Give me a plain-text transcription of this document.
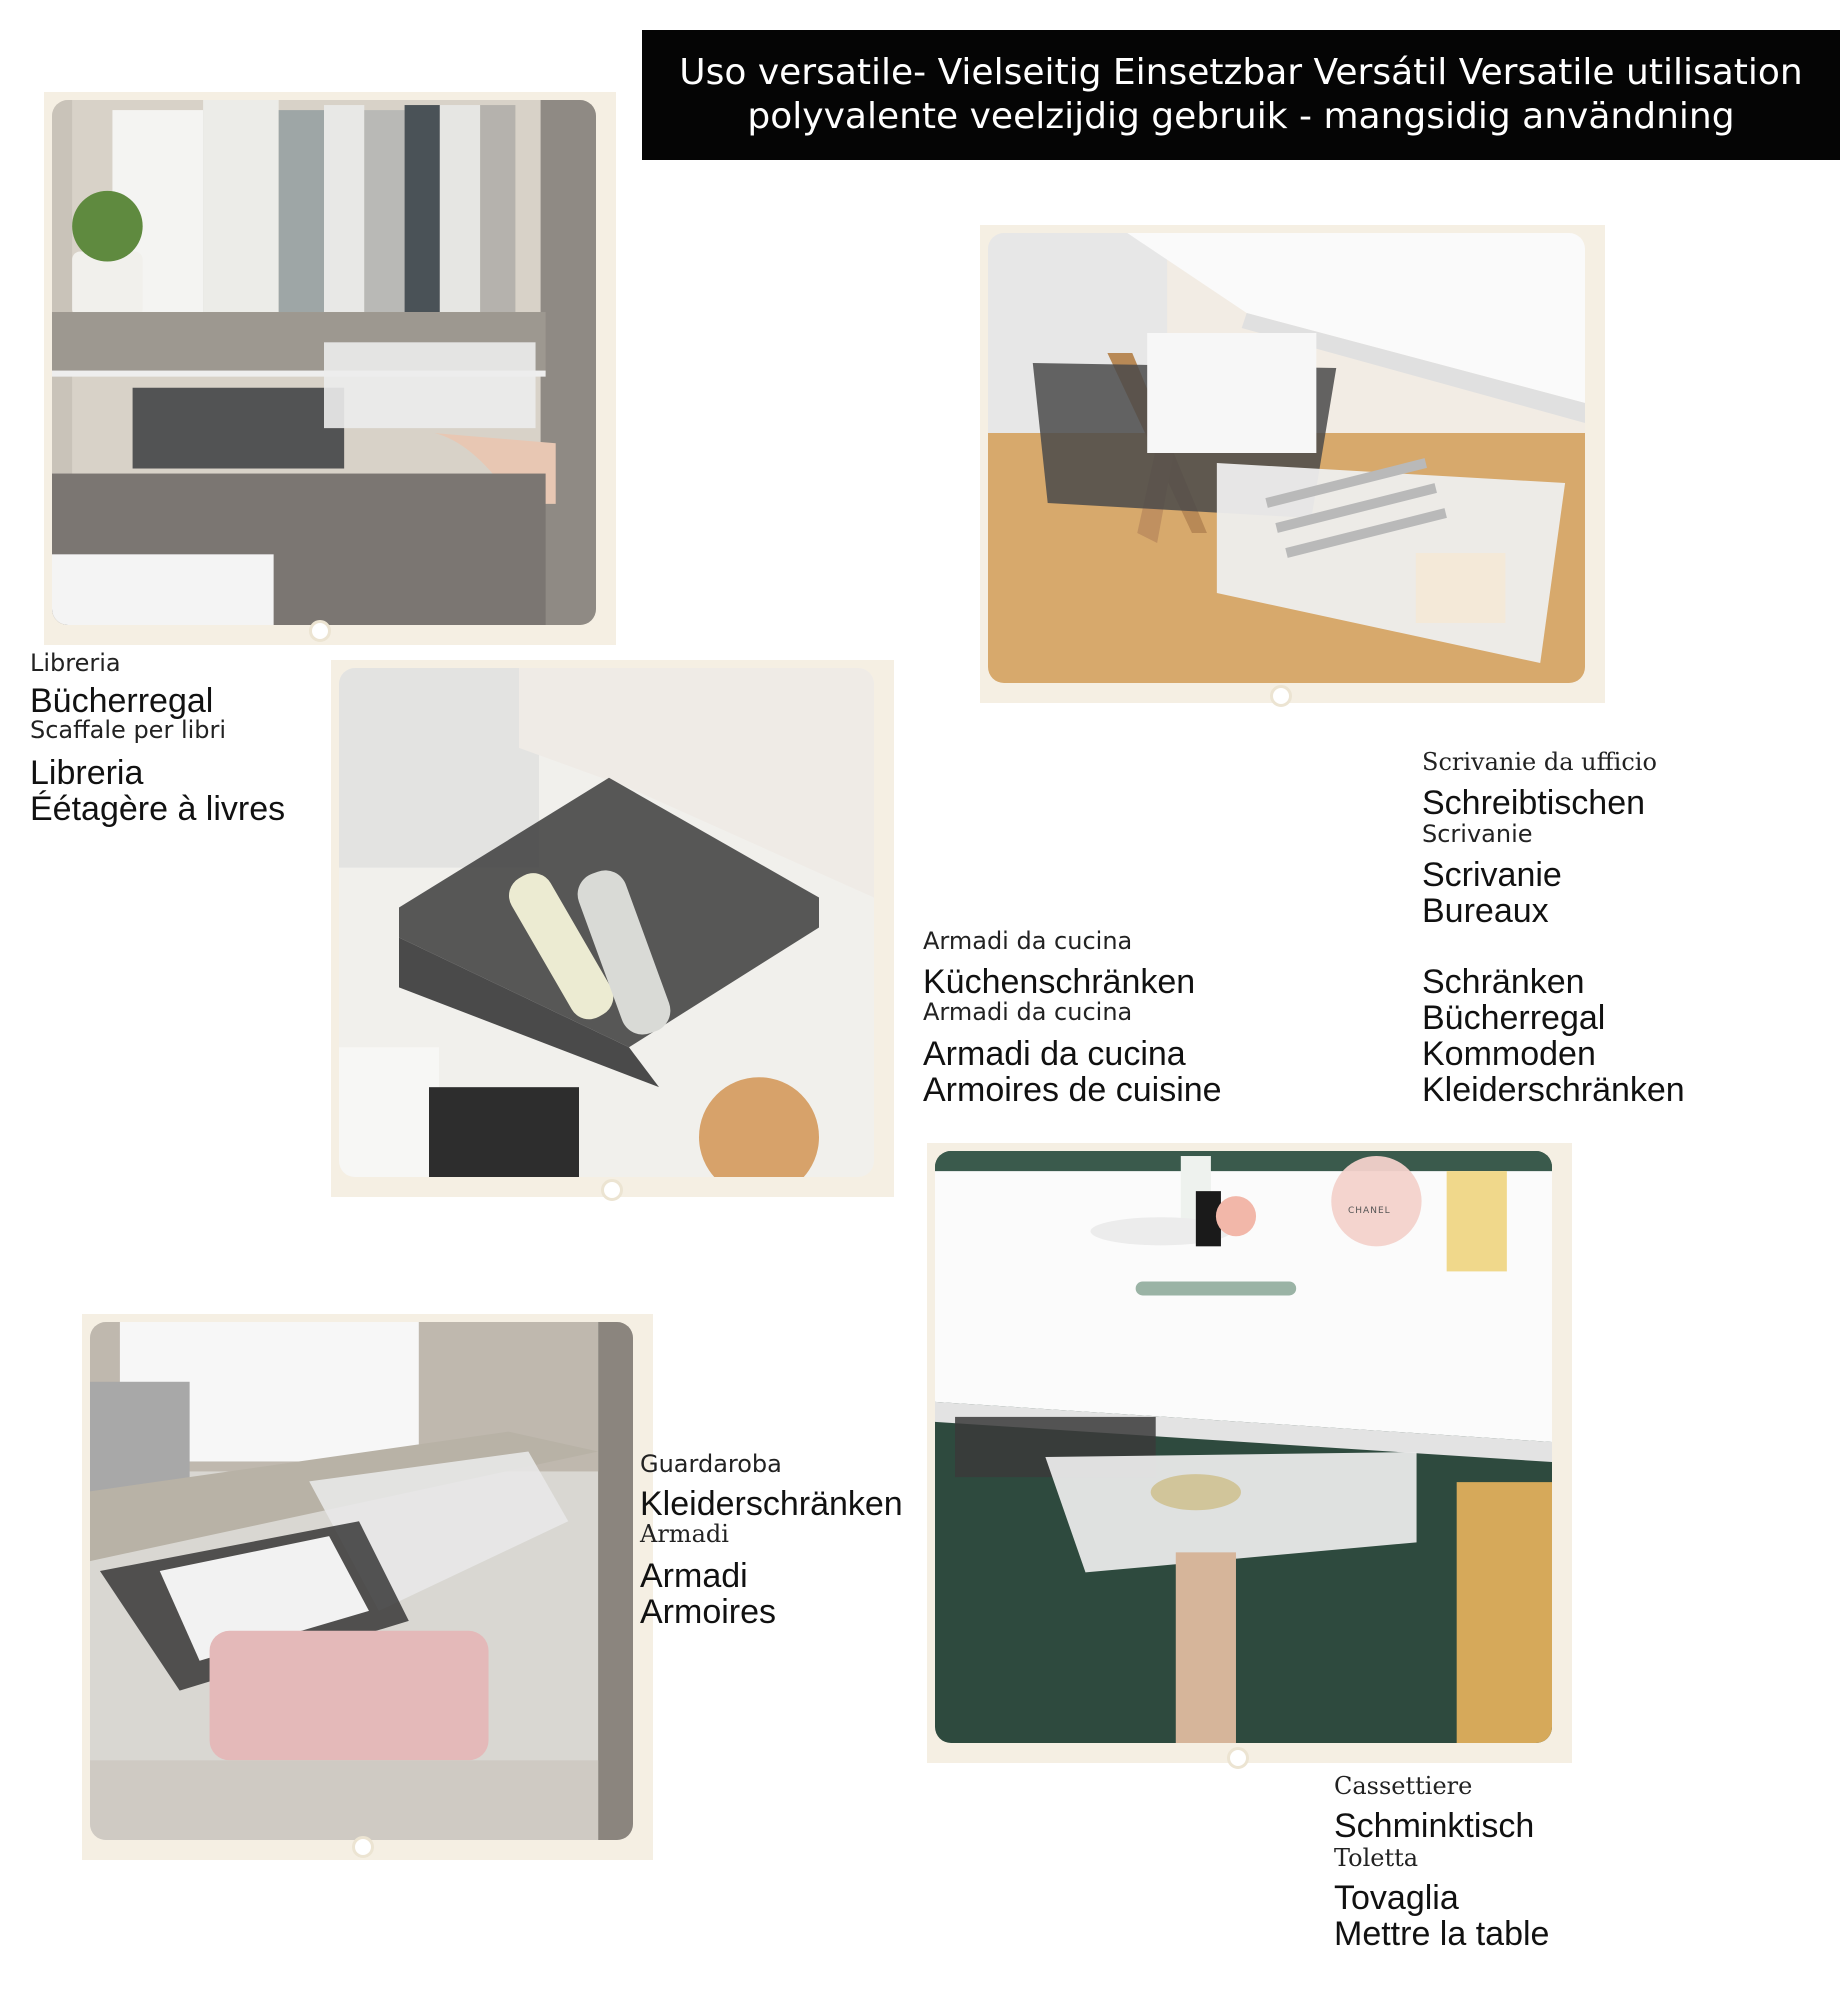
Uso versatile- Vielseitig Einsetzbar Versátil Versatile utilisation
polyvalente veelzijdig gebruik - mangsidig användning
Libreria
Bücherregal
Scaffale per libri
Libreria
Éétagère à livres
Scrivanie da ufficio
Schreibtischen
Scrivanie
Scrivanie
Bureaux
Armadi da cucina
Küchenschränken
Armadi da cucina
Armadi da cucina
Armoires de cuisine
Schränken
Bücherregal
Kommoden
Kleiderschränken
Guardaroba
Kleiderschränken
Armadi
Armadi
Armoires
Cassettiere
Schminktisch
Toletta
Tovaglia
Mettre la table
CHANEL
